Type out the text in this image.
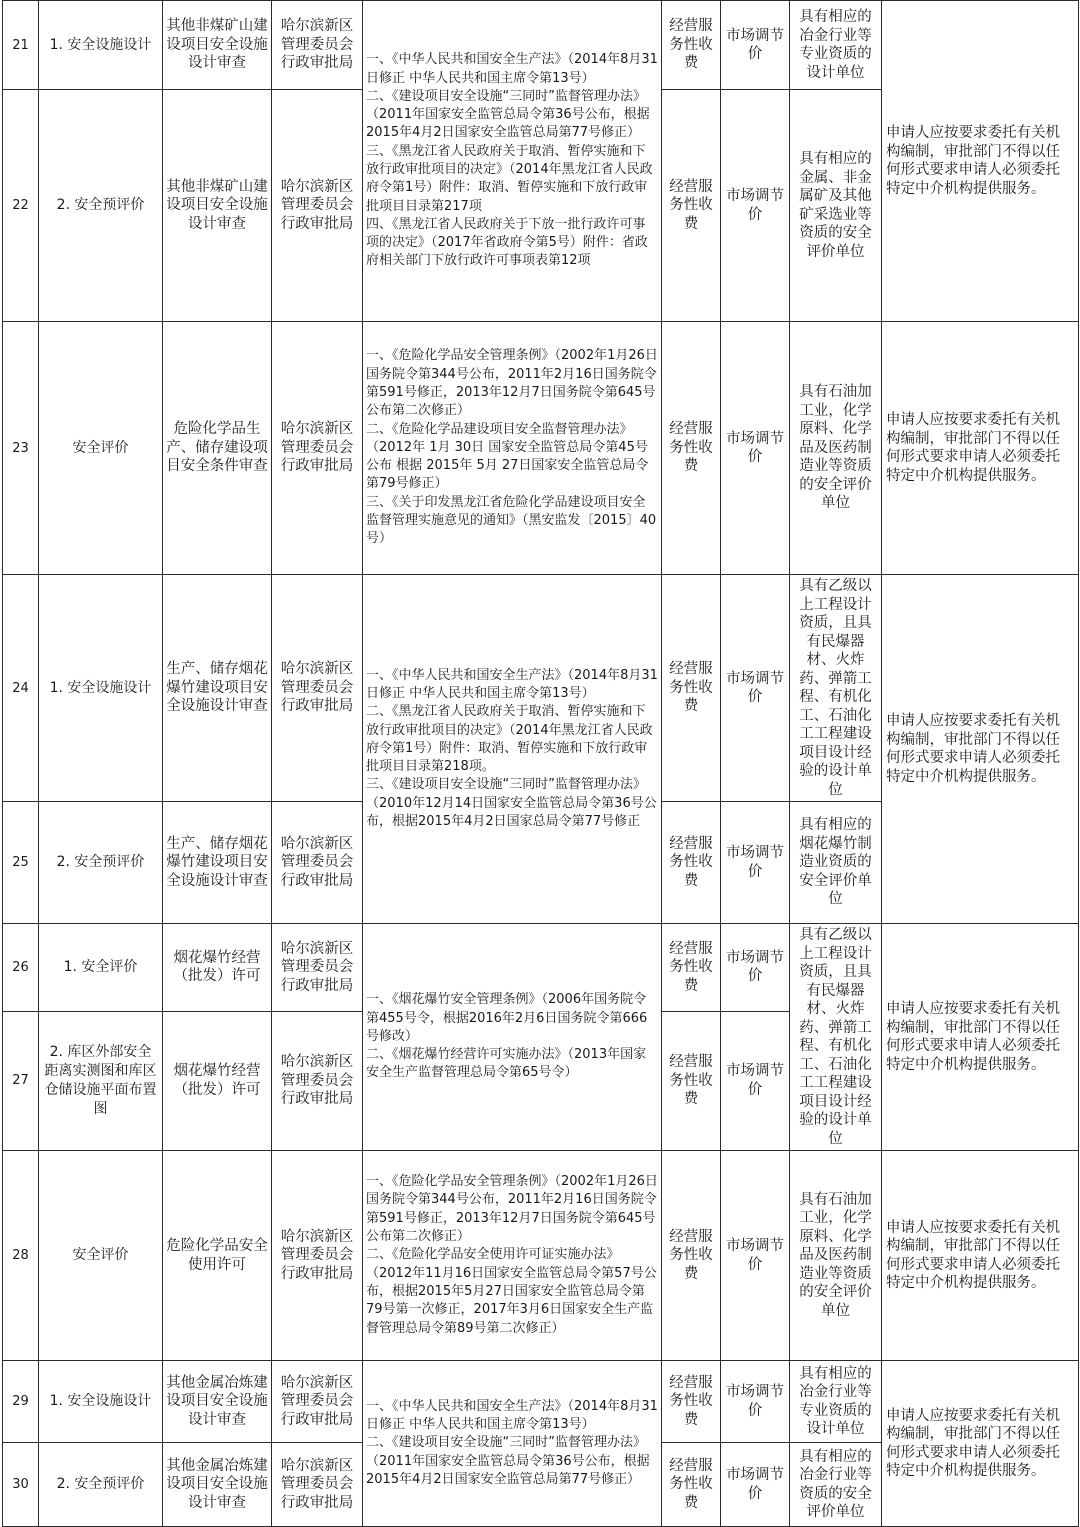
21	1. 安全设施设计	其他非煤矿山建设项目安全设施设计审查	哈尔滨新区管理委员会行政审批局	一、《中华人民共和国安全生产法》（2014年8月31日修正 中华人民共和国主席令第13号）
二、《建设项目安全设施“三同时”监督管理办法》（2011年国家安全监管总局令第36号公布，根据2015年4月2日国家安全监管总局第77号修正）
三、《黑龙江省人民政府关于取消、暂停实施和下放行政审批项目的决定》（2014年黑龙江省人民政府令第1号）附件：取消、暂停实施和下放行政审批项目目录第217项
四、《黑龙江省人民政府关于下放一批行政许可事项的决定》（2017年省政府令第5号）附件：省政府相关部门下放行政许可事项表第12项	经营服务性收费	市场调节价	具有相应的冶金行业等专业资质的设计单位	申请人应按要求委托有关机构编制，审批部门不得以任何形式要求申请人必须委托特定中介机构提供服务。
22	2. 安全预评价	其他非煤矿山建设项目安全设施设计审查	哈尔滨新区管理委员会行政审批局		经营服务性收费	市场调节价	具有相应的金属、非金属矿及其他矿采选业等资质的安全评价单位	
23	安全评价	危险化学品生产、储存建设项目安全条件审查	哈尔滨新区管理委员会行政审批局	一、《危险化学品安全管理条例》（2002年1月26日国务院令第344号公布，2011年2月16日国务院令第591号修正，2013年12月7日国务院令第645号公布第二次修正）
二、《危险化学品建设项目安全监督管理办法》（2012年 1月 30日 国家安全监管总局令第45号公布 根据 2015年 5月 27日国家安全监管总局令第79号修正）
三、《关于印发黑龙江省危险化学品建设项目安全监督管理实施意见的通知》（黑安监发〔2015〕40号）	经营服务性收费	市场调节价	具有石油加工业，化学原料、化学品及医药制造业等资质的安全评价单位	申请人应按要求委托有关机构编制，审批部门不得以任何形式要求申请人必须委托特定中介机构提供服务。
24	1. 安全设施设计	生产、储存烟花爆竹建设项目安全设施设计审查	哈尔滨新区管理委员会行政审批局	一、《中华人民共和国安全生产法》（2014年8月31日修正 中华人民共和国主席令第13号）
二、《黑龙江省人民政府关于取消、暂停实施和下放行政审批项目的决定》（2014年黑龙江省人民政府令第1号）附件：取消、暂停实施和下放行政审批项目目录第218项。
三、《建设项目安全设施“三同时”监督管理办法》（2010年12月14日国家安全监管总局令第36号公布，根据2015年4月2日国家总局令第77号修正	经营服务性收费	市场调节价	具有乙级以上工程设计资质，且具有民爆器材、火炸药、弹箭工程、有机化工、石油化工工程建设项目设计经验的设计单位	申请人应按要求委托有关机构编制，审批部门不得以任何形式要求申请人必须委托特定中介机构提供服务。
25	2. 安全预评价	生产、储存烟花爆竹建设项目安全设施设计审查	哈尔滨新区管理委员会行政审批局		经营服务性收费	市场调节价	具有相应的烟花爆竹制造业资质的安全评价单位	
26	1. 安全评价	烟花爆竹经营（批发）许可	哈尔滨新区管理委员会行政审批局	一、《烟花爆竹安全管理条例》（2006年国务院令第455号令，根据2016年2月6日国务院令第666号修改）
二、《烟花爆竹经营许可实施办法》（2013年国家安全生产监督管理总局令第65号令）	经营服务性收费	市场调节价	具有乙级以上工程设计资质，且具有民爆器材、火炸药、弹箭工程、有机化工、石油化工工程建设项目设计经验的设计单位	申请人应按要求委托有关机构编制，审批部门不得以任何形式要求申请人必须委托特定中介机构提供服务。
27	2. 库区外部安全距离实测图和库区仓储设施平面布置图	烟花爆竹经营（批发）许可	哈尔滨新区管理委员会行政审批局		经营服务性收费	市场调节价		
28	安全评价	危险化学品安全使用许可	哈尔滨新区管理委员会行政审批局	一、《危险化学品安全管理条例》（2002年1月26日国务院令第344号公布，2011年2月16日国务院令第591号修正，2013年12月7日国务院令第645号公布第二次修正）
二、《危险化学品安全使用许可证实施办法》（2012年11月16日国家安全监管总局令第57号公布，根据2015年5月27日国家安全监管总局令第79号第一次修正，2017年3月6日国家安全生产监督管理总局令第89号第二次修正）	经营服务性收费	市场调节价	具有石油加工业，化学原料、化学品及医药制造业等资质的安全评价单位	申请人应按要求委托有关机构编制，审批部门不得以任何形式要求申请人必须委托特定中介机构提供服务。
29	1. 安全设施设计	其他金属冶炼建设项目安全设施设计审查	哈尔滨新区管理委员会行政审批局	一、《中华人民共和国安全生产法》（2014年8月31日修正 中华人民共和国主席令第13号）
二、《建设项目安全设施“三同时”监督管理办法》（2011年国家安全监管总局令第36号公布，根据2015年4月2日国家安全监管总局第77号修正）	经营服务性收费	市场调节价	具有相应的冶金行业等专业资质的设计单位	申请人应按要求委托有关机构编制，审批部门不得以任何形式要求申请人必须委托特定中介机构提供服务。
30	2. 安全预评价	其他金属冶炼建设项目安全设施设计审查	哈尔滨新区管理委员会行政审批局		经营服务性收费	市场调节价	具有相应的冶金行业等资质的安全评价单位	
